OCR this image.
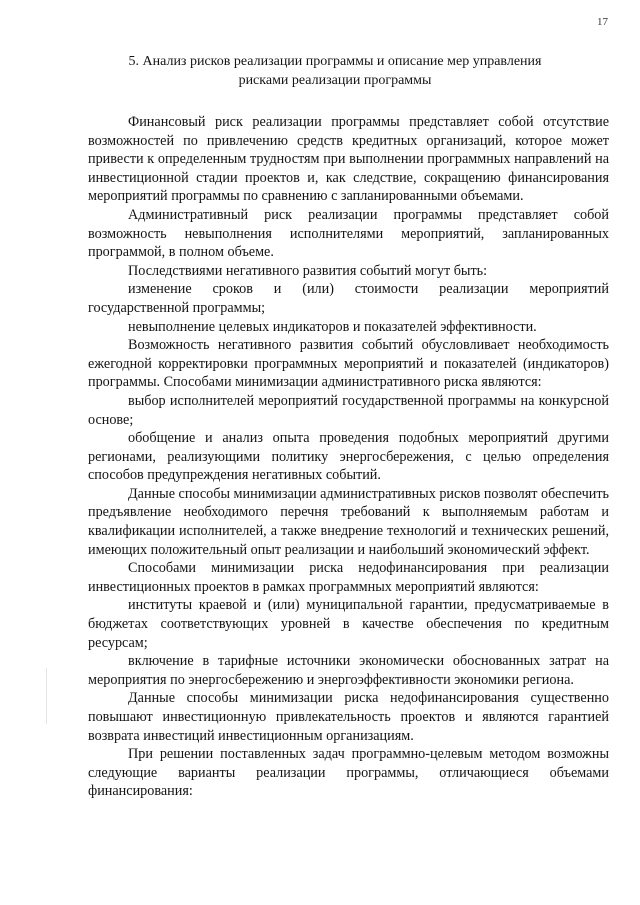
17
5. Анализ рисков реализации программы и описание мер управления
рисками реализации программы

Финансовый риск реализации программы представляет собой отсутствие возможностей по привлечению средств кредитных организаций, которое может привести к определенным трудностям при выполнении программных направлений на инвестиционной стадии проектов и, как следствие, сокращению финансирования мероприятий программы по сравнению с запланированными объемами.

Административный риск реализации программы представляет собой возможность невыполнения исполнителями мероприятий, запланированных программой, в полном объеме.

Последствиями негативного развития событий могут быть:

изменение сроков и (или) стоимости реализации мероприятий государственной программы;

невыполнение целевых индикаторов и показателей эффективности.

Возможность негативного развития событий обусловливает необходимость ежегодной корректировки программных мероприятий и показателей (индикаторов) программы. Способами минимизации административного риска являются:

выбор исполнителей мероприятий государственной программы на конкурсной основе;

обобщение и анализ опыта проведения подобных мероприятий другими регионами, реализующими политику энергосбережения, с целью определения способов предупреждения негативных событий.

Данные способы минимизации административных рисков позволят обеспечить предъявление необходимого перечня требований к выполняемым работам и квалификации исполнителей, а также внедрение технологий и технических решений, имеющих положительный опыт реализации и наибольший экономический эффект.

Способами минимизации риска недофинансирования при реализации инвестиционных проектов в рамках программных мероприятий являются:

институты краевой и (или) муниципальной гарантии, предусматриваемые в бюджетах соответствующих уровней в качестве обеспечения по кредитным ресурсам;

включение в тарифные источники экономически обоснованных затрат на мероприятия по энергосбережению и энергоэффективности экономики региона.

Данные способы минимизации риска недофинансирования существенно повышают инвестиционную привлекательность проектов и являются гарантией возврата инвестиций инвестиционным организациям.

При решении поставленных задач программно-целевым методом возможны следующие варианты реализации программы, отличающиеся объемами финансирования:
